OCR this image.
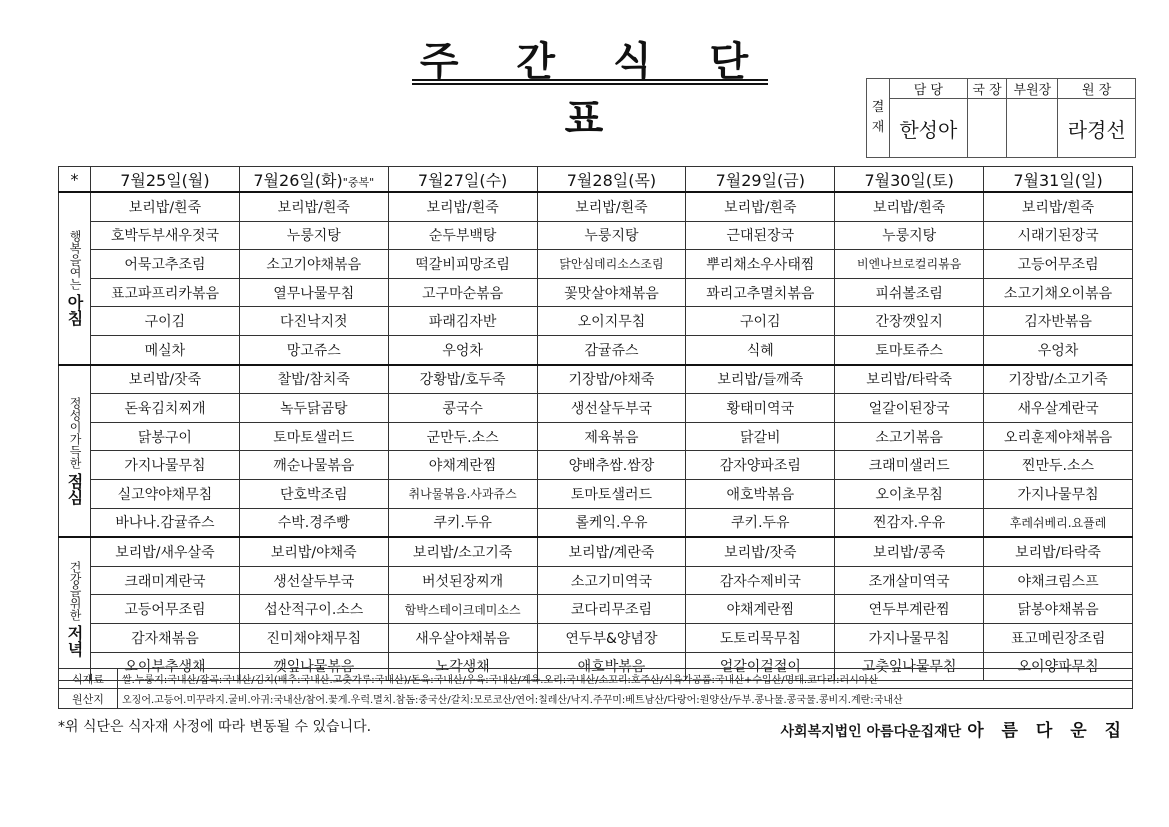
주 간 식 단 표	결
재	담 당	국 장	부원장	원 장
	한성아			라경선
*	7월25일(월)	7월26일(화)"중복"	7월27일(수)	7월28일(목)	7월29일(금)	7월30일(토)	7월31일(일)

행복을여는
아침	보리밥/흰죽	보리밥/흰죽	보리밥/흰죽	보리밥/흰죽	보리밥/흰죽	보리밥/흰죽	보리밥/흰죽
	호박두부새우젓국	누룽지탕	순두부백탕	누룽지탕	근대된장국	누룽지탕	시래기된장국
	어묵고추조림	소고기야채볶음	떡갈비피망조림	닭안심데리소스조림	뿌리채소우사태찜	비엔나브로컬리볶음	고등어무조림
	표고파프리카볶음	열무나물무침	고구마순볶음	꽃맛살야채볶음	꽈리고추멸치볶음	피쉬볼조림	소고기채오이볶음
	구이김	다진낙지젓	파래김자반	오이지무침	구이김	간장깻잎지	김자반볶음
	메실차	망고쥬스	우엉차	감귤쥬스	식혜	토마토쥬스	우엉차

정성이가득한
점심	보리밥/잣죽	찰밥/참치죽	강황밥/호두죽	기장밥/야채죽	보리밥/들깨죽	보리밥/타락죽	기장밥/소고기죽
	돈육김치찌개	녹두닭곰탕	콩국수	생선살두부국	황태미역국	얼갈이된장국	새우살계란국
	닭봉구이	토마토샐러드	군만두.소스	제육볶음	닭갈비	소고기볶음	오리훈제야채볶음
	가지나물무침	깨순나물볶음	야채계란찜	양배추쌈.쌈장	감자양파조림	크래미샐러드	찐만두.소스
	실고약야채무침	단호박조림	취나물볶음.사과쥬스	토마토샐러드	애호박볶음	오이초무침	가지나물무침
	바나나.감귤쥬스	수박.경주빵	쿠키.두유	롤케익.우유	쿠키.두유	찐감자.우유	후레쉬베리.요플레

건강을위한
저녁	보리밥/새우살죽	보리밥/야채죽	보리밥/소고기죽	보리밥/계란죽	보리밥/잣죽	보리밥/콩죽	보리밥/타락죽
	크래미계란국	생선살두부국	버섯된장찌개	소고기미역국	감자수제비국	조개살미역국	야채크림스프
	고등어무조림	섭산적구이.소스	함박스테이크데미소스	코다리무조림	야채계란찜	연두부계란찜	닭봉야채볶음
	감자채볶음	진미채야채무침	새우살야채볶음	연두부&양념장	도토리묵무침	가지나물무침	표고메린장조림
	오이부추생채	깻잎나물볶음	노각생채	애호박볶음	얼갈이겉절이	고춧잎나물무침	오이양파무침
식재료	쌀.누룽지:국내산/잡곡:국내산/김치(배추:국내산.고춧가루:국내산)/돈육:국내산/우육:국내산/계육.오리:국내산/소꼬리:호주산/식육가공품:국내산+수입산/명태.코다리:러시아산
원산지	오징어.고등어.미꾸라지.굴비.아귀:국내산/참어.꽃게.우럭.멸치.참돔:중국산/갈치:모로코산/연어:칠레산/낙지.주꾸미:베트남산/다랑어:원양산/두부.콩나물.콩국물.콩비지.계란:국내산
*위 식단은 식자재 사정에 따라 변동될 수 있습니다.	사회복지법인 아름다운집재단 아 름 다 운 집
